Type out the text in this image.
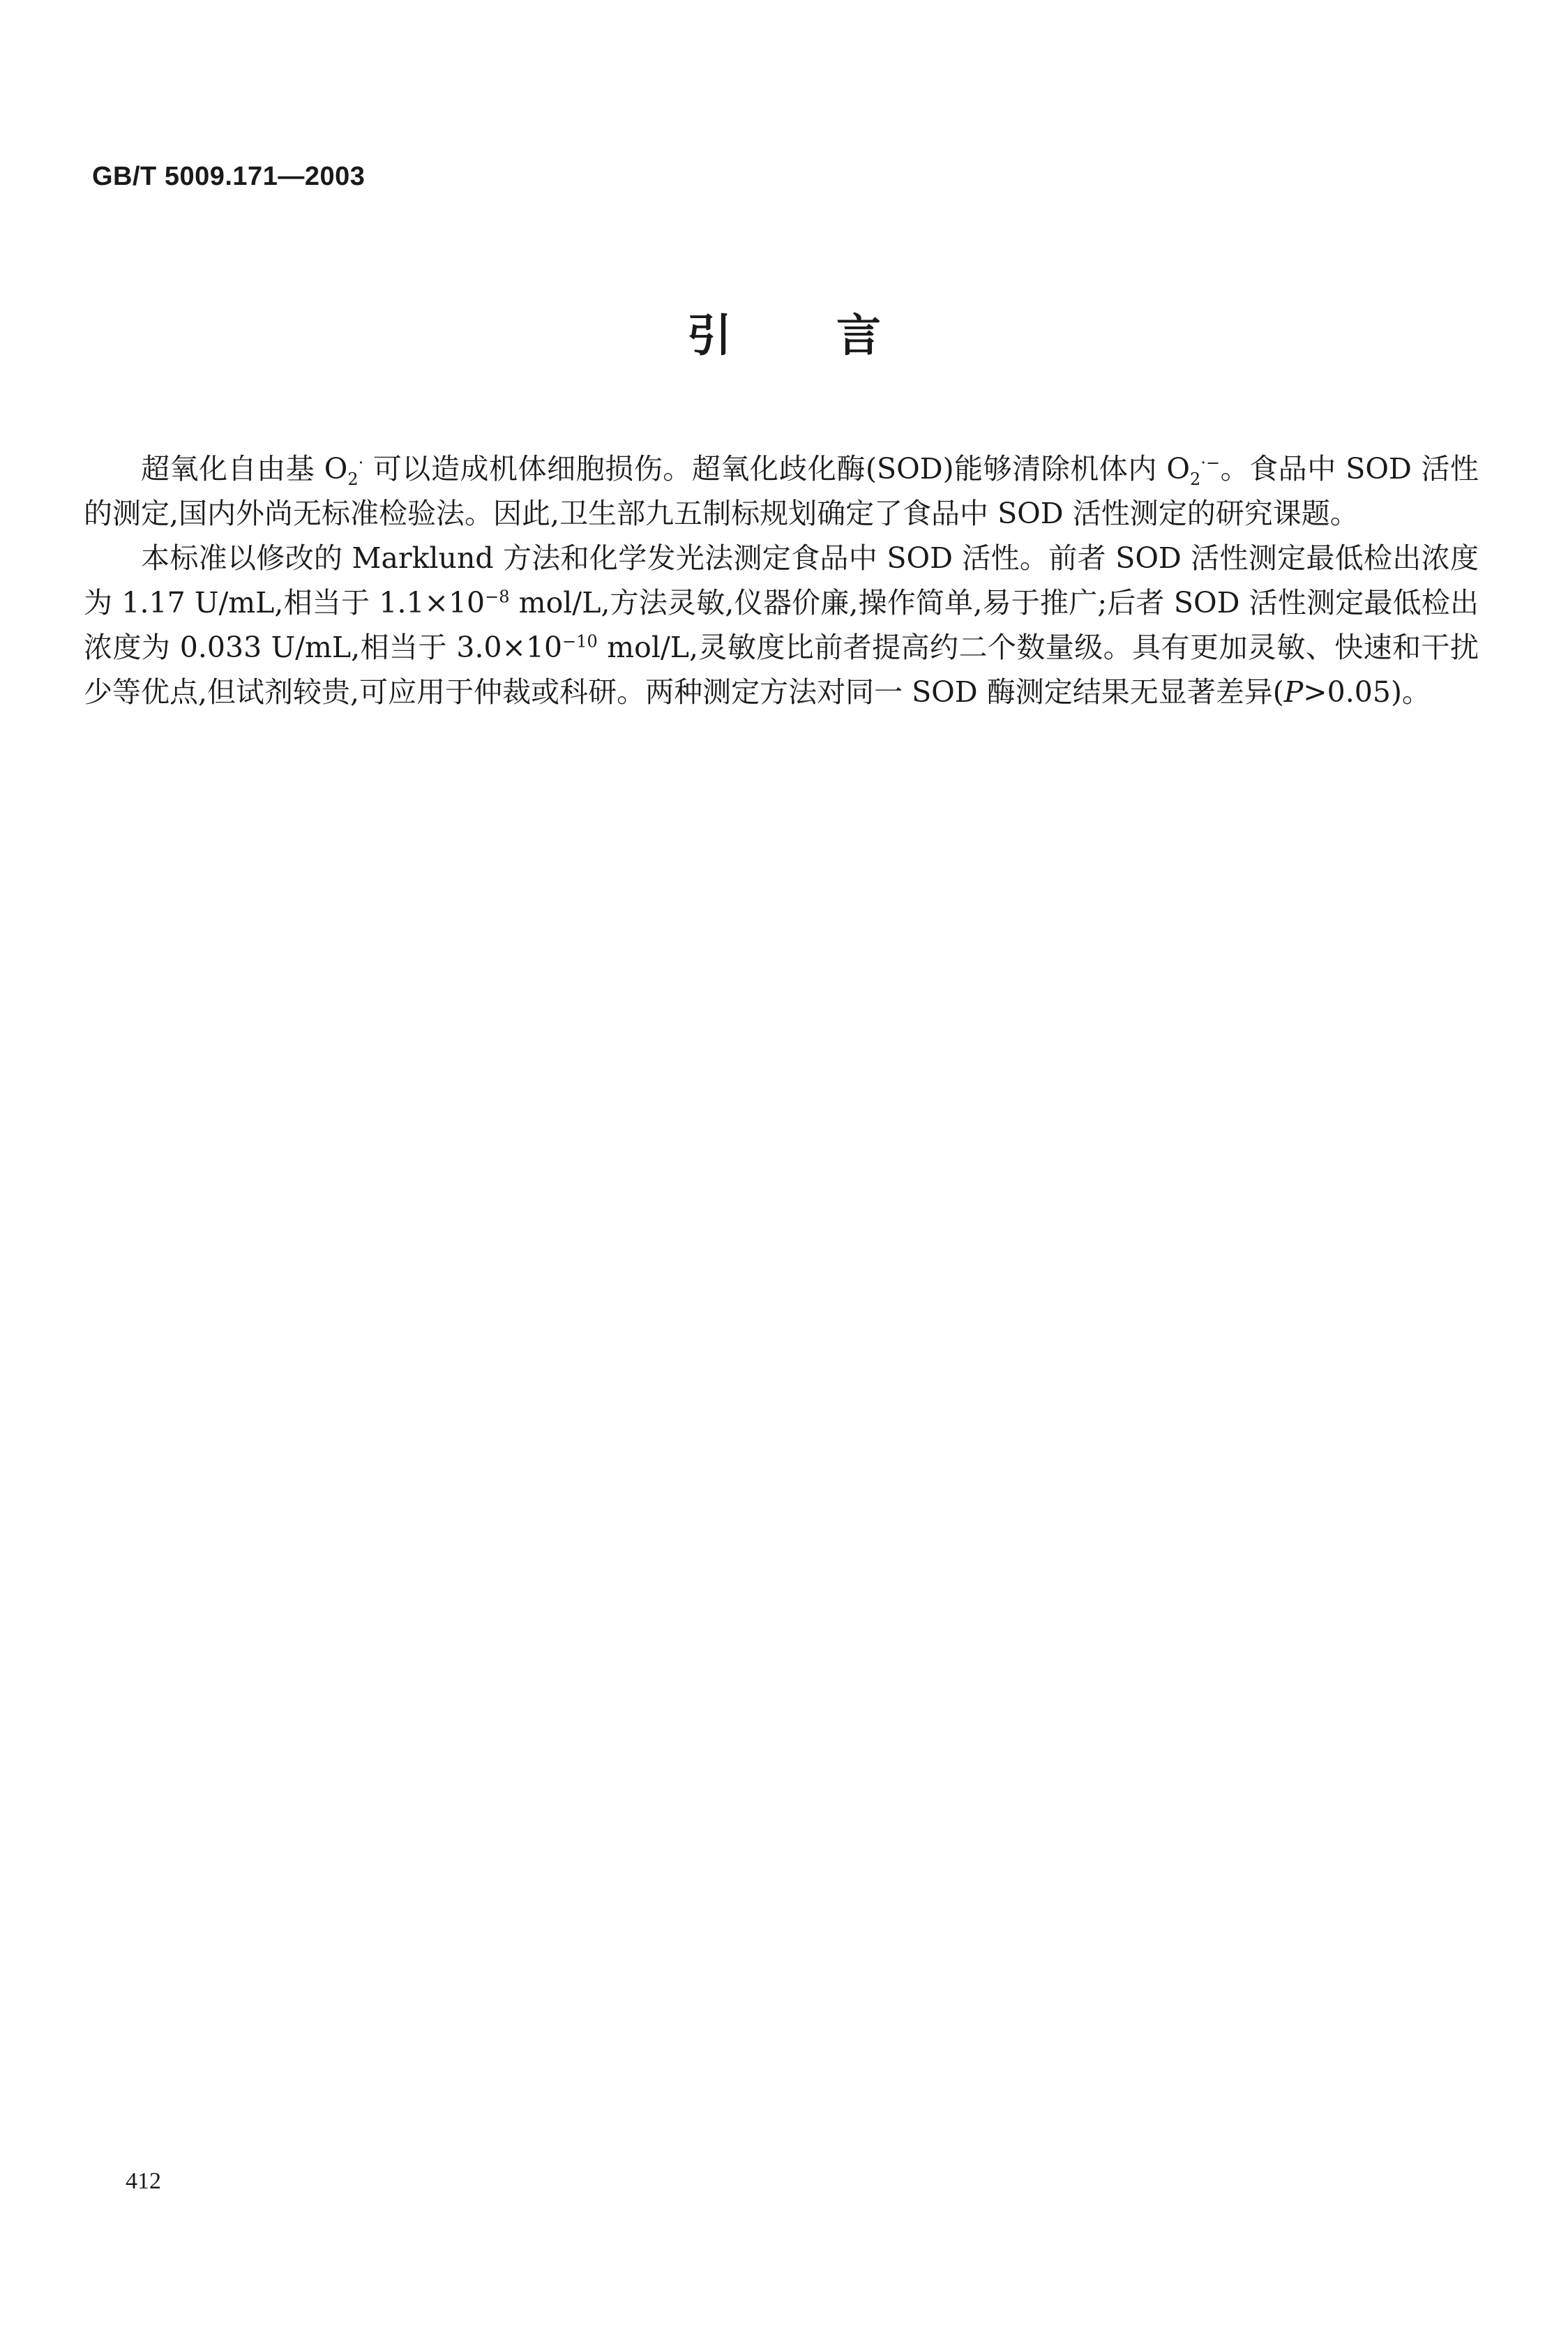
GB/T 5009.171—2003
引言

超氧化自由基 $O_2^\cdot$ 可以造成机体细胞损伤。超氧化歧化酶(SOD)能够清除机体内 $O_2^{\cdot-}$。食品中 SOD 活性的测定,国内外尚无标准检验法。因此,卫生部九五制标规划确定了食品中 SOD 活性测定的研究课题。

本标准以修改的 Marklund 方法和化学发光法测定食品中 SOD 活性。前者 SOD 活性测定最低检出浓度为 1.17 U/mL,相当于 $1.1\times 10^{-8}$ mol/L,方法灵敏,仪器价廉,操作简单,易于推广;后者 SOD 活性测定最低检出浓度为 0.033 U/mL,相当于 $3.0\times 10^{-10}$ mol/L,灵敏度比前者提高约二个数量级。具有更加灵敏、快速和干扰少等优点,但试剂较贵,可应用于仲裁或科研。两种测定方法对同一 SOD 酶测定结果无显著差异(P>0.05)。

412
